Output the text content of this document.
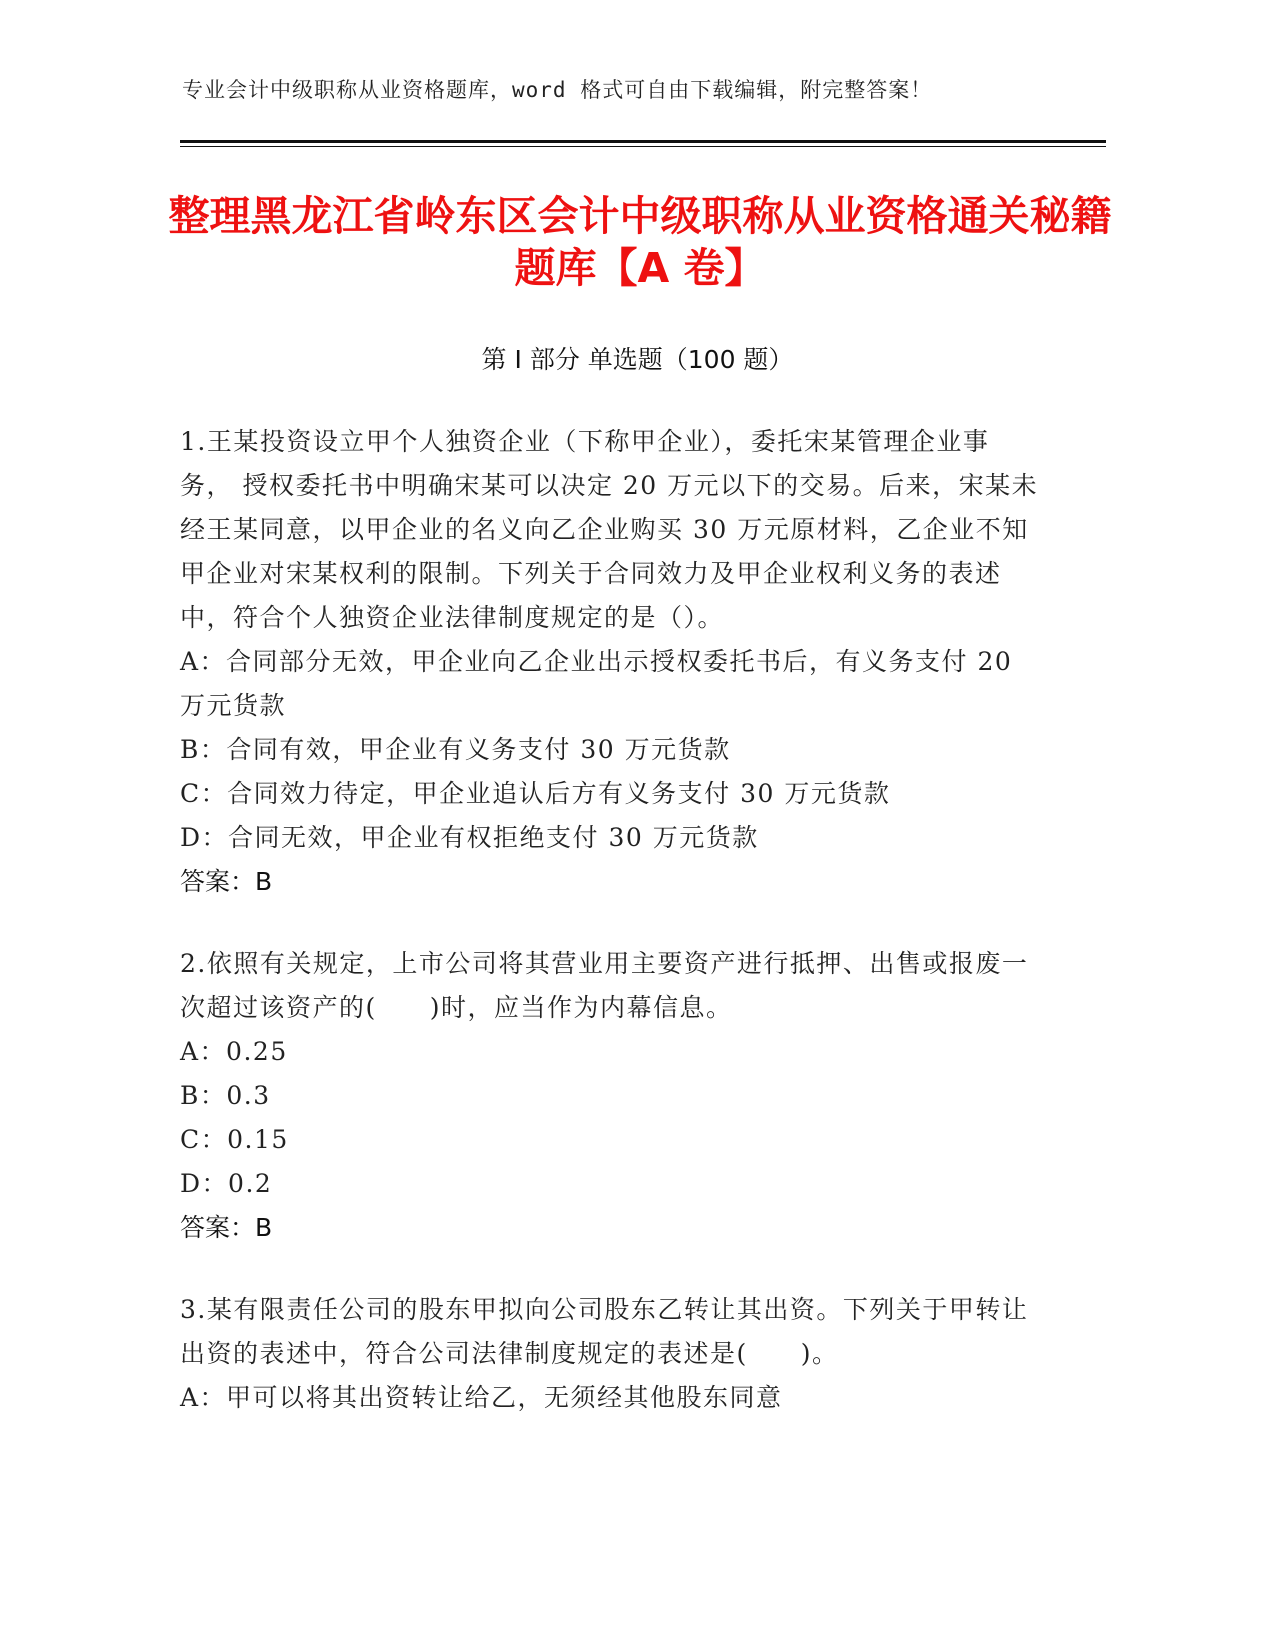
专业会计中级职称从业资格题库，word 格式可自由下载编辑，附完整答案！
整理黑龙江省岭东区会计中级职称从业资格通关秘籍题库【A 卷】
第 I 部分 单选题（100 题）
1.王某投资设立甲个人独资企业（下称甲企业），委托宋某管理企业事务， 授权委托书中明确宋某可以决定 20 万元以下的交易。后来，宋某未经王某同意，以甲企业的名义向乙企业购买 30 万元原材料，乙企业不知甲企业对宋某权利的限制。下列关于合同效力及甲企业权利义务的表述中，符合个人独资企业法律制度规定的是（）。
A：合同部分无效，甲企业向乙企业出示授权委托书后，有义务支付 20 万元货款
B：合同有效，甲企业有义务支付 30 万元货款
C：合同效力待定，甲企业追认后方有义务支付 30 万元货款
D：合同无效，甲企业有权拒绝支付 30 万元货款
答案：B
2.依照有关规定，上市公司将其营业用主要资产进行抵押、出售或报废一次超过该资产的(　　)时，应当作为内幕信息。
A：0.25
B：0.3
C：0.15
D：0.2
答案：B
3.某有限责任公司的股东甲拟向公司股东乙转让其出资。下列关于甲转让出资的表述中，符合公司法律制度规定的表述是(　　)。
A：甲可以将其出资转让给乙，无须经其他股东同意
